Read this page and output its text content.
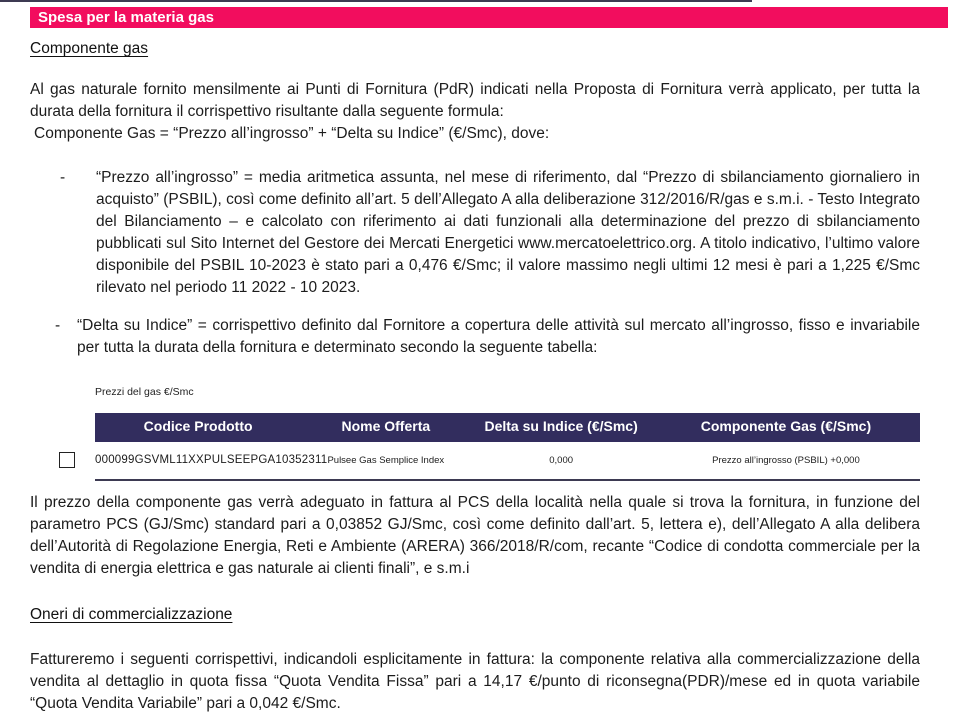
Spesa per la materia gas
Componente gas

Al gas naturale fornito mensilmente ai Punti di Fornitura (PdR) indicati nella Proposta di Fornitura verrà applicato, per tutta la durata della fornitura il corrispettivo risultante dalla seguente formula:

Componente Gas = “Prezzo all’ingrosso” + “Delta su Indice” (€/Smc), dove:

-	“Prezzo all’ingrosso” = media aritmetica assunta, nel mese di riferimento, dal “Prezzo di sbilanciamento giornaliero in acquisto” (PSBIL), così come definito all’art. 5 dell’Allegato A alla deliberazione 312/2016/R/gas e s.m.i. - Testo Integrato del Bilanciamento – e calcolato con riferimento ai dati funzionali alla determinazione del prezzo di sbilanciamento pubblicati sul Sito Internet del Gestore dei Mercati Energetici www.mercatoelettrico.org. A titolo indicativo, l’ultimo valore disponibile del PSBIL 10-2023 è stato pari a 0,476 €/Smc; il valore massimo negli ultimi 12 mesi è pari a 1,225 €/Smc rilevato nel periodo 11 2022 - 10 2023.
-	“Delta su Indice” = corrispettivo definito dal Fornitore a copertura delle attività sul mercato all’ingrosso, fisso e invariabile per tutta la durata della fornitura e determinato secondo la seguente tabella:
Prezzi del gas €/Smc
Codice Prodotto	Nome Offerta	Delta su Indice (€/Smc)	Componente Gas (€/Smc)
000099GSVML11XXPULSEEPGA10352311 Pulsee Gas Semplice Index	0,000	Prezzo all’ingrosso (PSBIL) +0,000

Il prezzo della componente gas verrà adeguato in fattura al PCS della località nella quale si trova la fornitura, in funzione del parametro PCS (GJ/Smc) standard pari a 0,03852 GJ/Smc, così come definito dall’art. 5, lettera e), dell’Allegato A alla delibera dell’Autorità di Regolazione Energia, Reti e Ambiente (ARERA) 366/2018/R/com, recante “Codice di condotta commerciale per la vendita di energia elettrica e gas naturale ai clienti finali”, e s.m.i

Oneri di commercializzazione

Fattureremo i seguenti corrispettivi, indicandoli esplicitamente in fattura: la componente relativa alla commercializzazione della vendita al dettaglio in quota fissa “Quota Vendita Fissa” pari a 14,17 €/punto di riconsegna(PDR)/mese ed in quota variabile “Quota Vendita Variabile” pari a 0,042 €/Smc.
